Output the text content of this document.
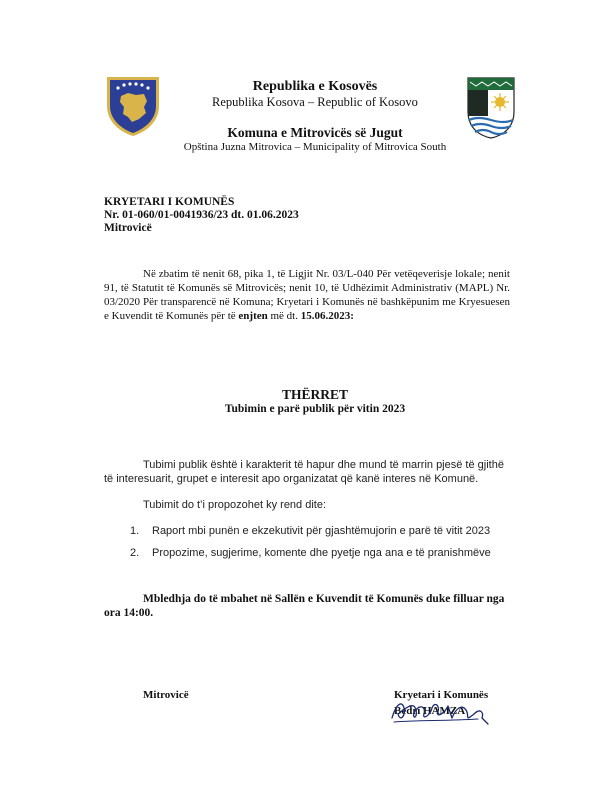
Republika e Kosovës
Republika Kosova – Republic of Kosovo
Komuna e Mitrovicës së Jugut
Opština Juzna Mitrovica – Municipality of Mitrovica South
KRYETARI I KOMUNËS
Nr. 01-060/01-0041936/23 dt. 01.06.2023
Mitrovicë
Në zbatim të nenit 68, pika 1, të Ligjit Nr. 03/L-040 Për vetëqeverisje lokale; nenit 91, të Statutit të Komunës së Mitrovicës; nenit 10, të Udhëzimit Administrativ (MAPL) Nr. 03/2020 Për transparencë në Komuna; Kryetari i Komunës në bashkëpunim me Kryesuesen e Kuvendit të Komunës për të enjten më dt. 15.06.2023:
THËRRET
Tubimin e parë publik për vitin 2023
Tubimi publik është i karakterit të hapur dhe mund të marrin pjesë të gjithë të interesuarit, grupet e interesit apo organizatat që kanë interes në Komunë.
Tubimit do t’i propozohet ky rend dite:
1. Raport mbi punën e ekzekutivit për gjashtëmujorin e parë të vitit 2023
2. Propozime, sugjerime, komente dhe pyetje nga ana e të pranishmëve
Mbledhja do të mbahet në Sallën e Kuvendit të Komunës duke filluar nga ora 14:00.
Mitrovicë	Kryetari i Komunës
Bedri HAMZA
